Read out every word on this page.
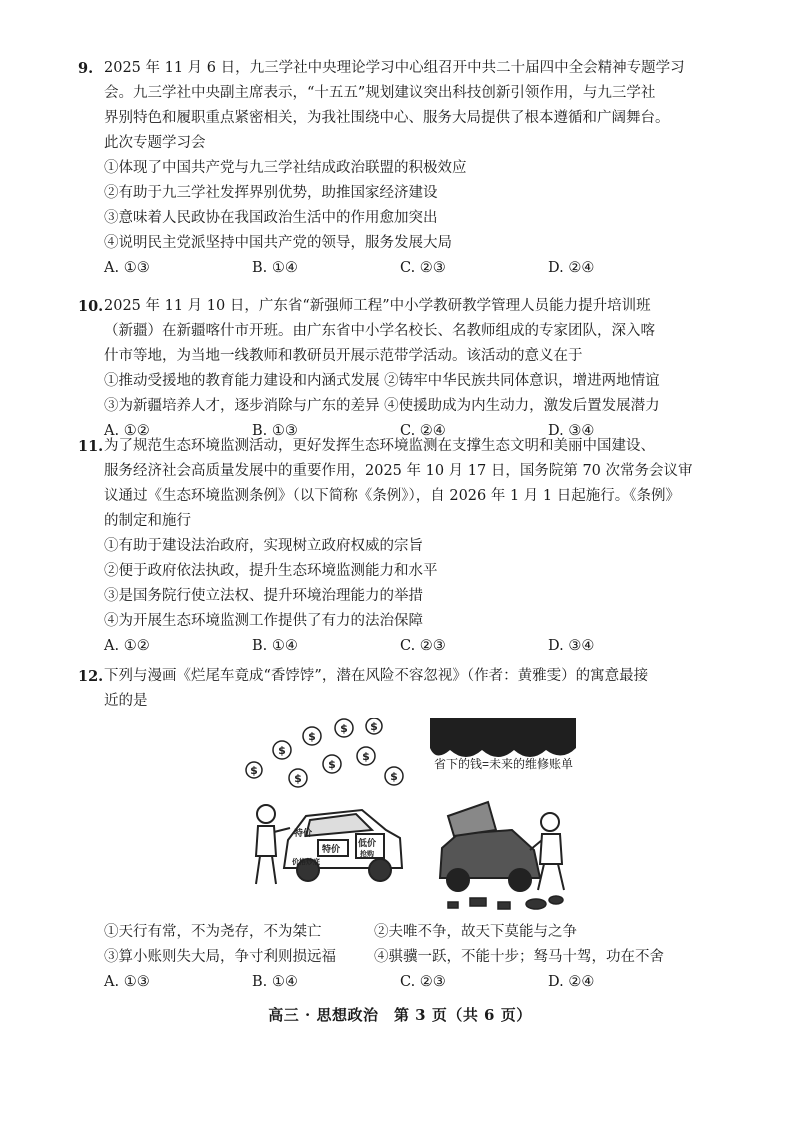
9. 2025 年 11 月 6 日，九三学社中央理论学习中心组召开中共二十届四中全会精神专题学习
会。九三学社中央副主席表示，“十五五”规划建议突出科技创新引领作用，与九三学社
界别特色和履职重点紧密相关，为我社围绕中心、服务大局提供了根本遵循和广阔舞台。
此次专题学习会
①体现了中国共产党与九三学社结成政治联盟的积极效应
②有助于九三学社发挥界别优势，助推国家经济建设
③意味着人民政协在我国政治生活中的作用愈加突出
④说明民主党派坚持中国共产党的领导，服务发展大局
A. ①③	B. ①④	C. ②③	D. ②④
10. 2025 年 11 月 10 日，广东省“新强师工程”中小学教研教学管理人员能力提升培训班
（新疆）在新疆喀什市开班。由广东省中小学名校长、名教师组成的专家团队，深入喀
什市等地，为当地一线教师和教研员开展示范带学活动。该活动的意义在于
①推动受援地的教育能力建设和内涵式发展 ②铸牢中华民族共同体意识，增进两地情谊
③为新疆培养人才，逐步消除与广东的差异 ④使援助成为内生动力，激发后置发展潜力
A. ①②	B. ①③	C. ②④	D. ③④
11. 为了规范生态环境监测活动，更好发挥生态环境监测在支撑生态文明和美丽中国建设、
服务经济社会高质量发展中的重要作用，2025 年 10 月 17 日，国务院第 70 次常务会议审
议通过《生态环境监测条例》（以下简称《条例》），自 2026 年 1 月 1 日起施行。《条例》
的制定和施行
①有助于建设法治政府，实现树立政府权威的宗旨
②便于政府依法执政，提升生态环境监测能力和水平
③是国务院行使立法权、提升环境治理能力的举措
④为开展生态环境监测工作提供了有力的法治保障
A. ①②	B. ①④	C. ②③	D. ③④
12. 下列与漫画《烂尾车竟成“香饽饽”，潜在风险不容忽视》（作者：黄雅雯）的寓意最接
近的是
$
$
$
$
$
$
$
$
$
特价
特价
低价
价格炒底
抢购
省下的钱=未来的维修账单
①天行有常，不为尧存，不为桀亡	②夫唯不争，故天下莫能与之争
③算小账则失大局，争寸利则损远福	④骐骥一跃，不能十步；驽马十驾，功在不舍
A. ①③	B. ①④	C. ②③	D. ②④
高三 · 思想政治　第 3 页（共 6 页）
